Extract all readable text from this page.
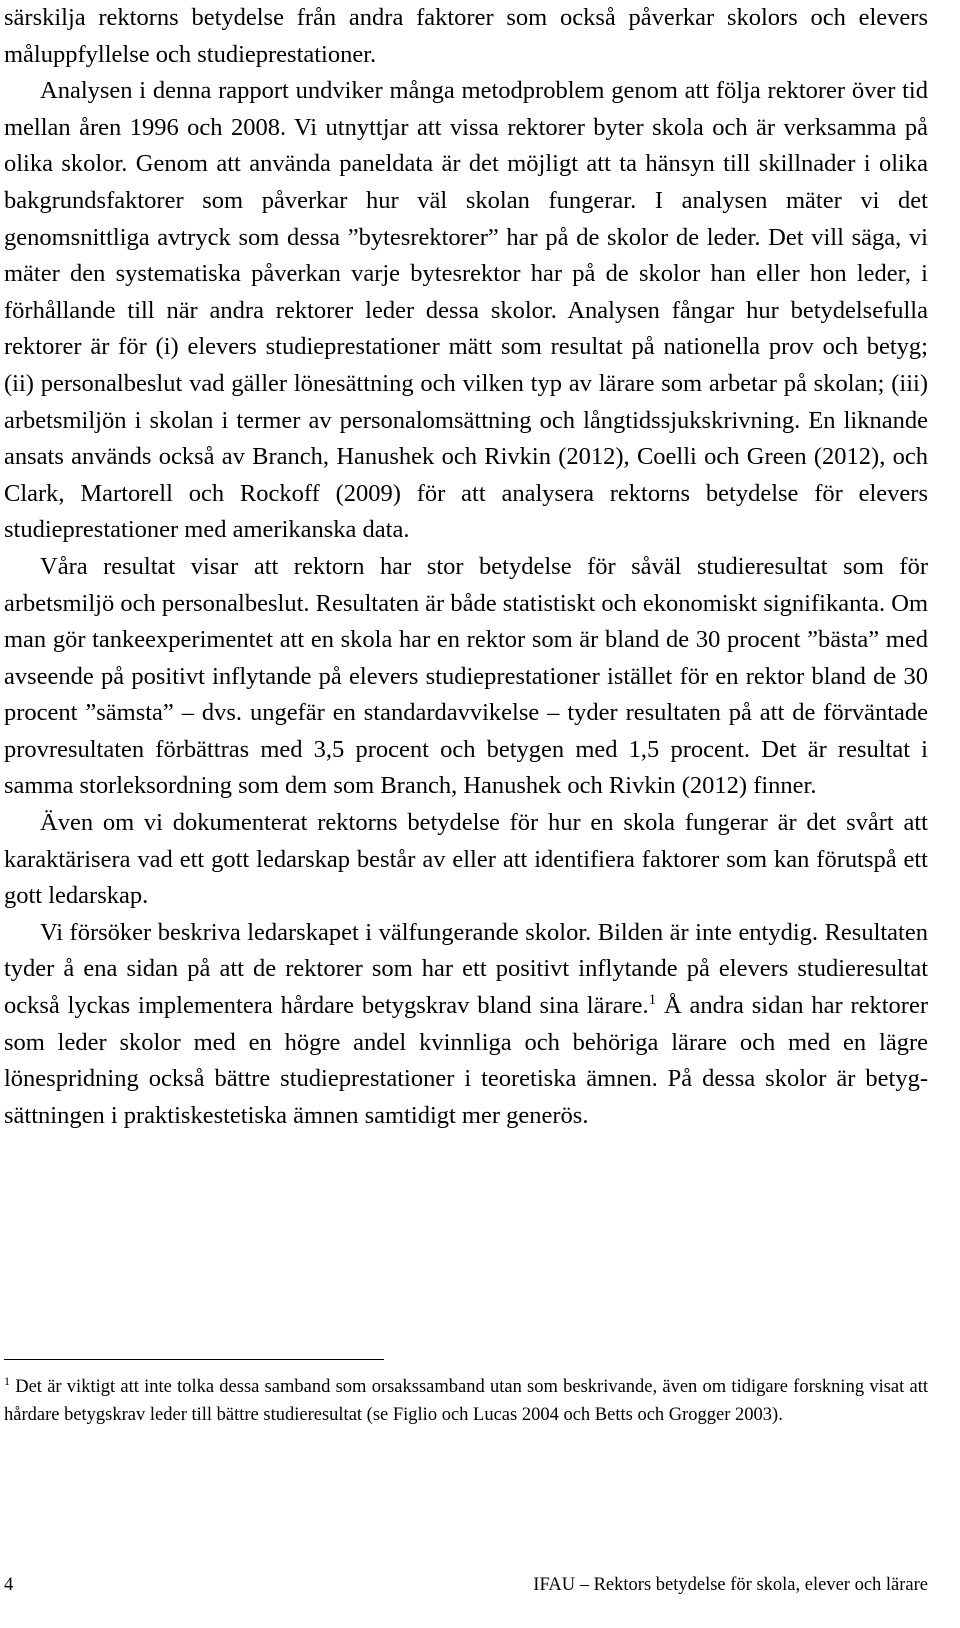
särskilja rektorns betydelse från andra faktorer som också påverkar skolors och elevers måluppfyllelse och studieprestationer.

Analysen i denna rapport undviker många metodproblem genom att följa rektorer över tid mellan åren 1996 och 2008. Vi utnyttjar att vissa rektorer byter skola och är verksamma på olika skolor. Genom att använda paneldata är det möjligt att ta hänsyn till skillnader i olika bakgrundsfaktorer som påverkar hur väl skolan fungerar. I analysen mäter vi det genomsnittliga avtryck som dessa ”bytesrektorer” har på de skolor de leder. Det vill säga, vi mäter den systematiska påverkan varje bytesrektor har på de skolor han eller hon leder, i förhållande till när andra rektorer leder dessa skolor. Analysen fångar hur betydelsefulla rektorer är för (i) elevers studieprestationer mätt som resultat på nationella prov och betyg; (ii) personalbeslut vad gäller lönesättning och vilken typ av lärare som arbetar på skolan; (iii) arbetsmiljön i skolan i termer av personalomsättning och långtidssjukskrivning. En liknande ansats används också av Branch, Hanushek och Rivkin (2012), Coelli och Green (2012), och Clark, Martorell och Rockoff (2009) för att analysera rektorns betydelse för elevers studieprestationer med amerikanska data.

Våra resultat visar att rektorn har stor betydelse för såväl studieresultat som för arbetsmiljö och personalbeslut. Resultaten är både statistiskt och ekonomiskt signifikanta. Om man gör tankeexperimentet att en skola har en rektor som är bland de 30 procent ”bästa” med avseende på positivt inflytande på elevers studieprestationer istället för en rektor bland de 30 procent ”sämsta” – dvs. ungefär en standardavvikelse – tyder resultaten på att de förväntade provresultaten förbättras med 3,5 procent och betygen med 1,5 procent. Det är resultat i samma storleksordning som dem som Branch, Hanushek och Rivkin (2012) finner.

Även om vi dokumenterat rektorns betydelse för hur en skola fungerar är det svårt att karaktärisera vad ett gott ledarskap består av eller att identifiera faktorer som kan förutspå ett gott ledarskap.

Vi försöker beskriva ledarskapet i välfungerande skolor. Bilden är inte entydig. Resultaten tyder å ena sidan på att de rektorer som har ett positivt inflytande på elevers studieresultat också lyckas implementera hårdare betygskrav bland sina lärare.$^1$ Å andra sidan har rektorer som leder skolor med en högre andel kvinnliga och behöriga lärare och med en lägre lönespridning också bättre studieprestationer i teoretiska ämnen. På dessa skolor är betygsättningen i praktiskestetiska ämnen samtidigt mer generös.

$^1$ Det är viktigt att inte tolka dessa samband som orsakssamband utan som beskrivande, även om tidigare forskning visat att hårdare betygskrav leder till bättre studieresultat (se Figlio och Lucas 2004 och Betts och Grogger 2003).

4	IFAU – Rektors betydelse för skola, elever och lärare
